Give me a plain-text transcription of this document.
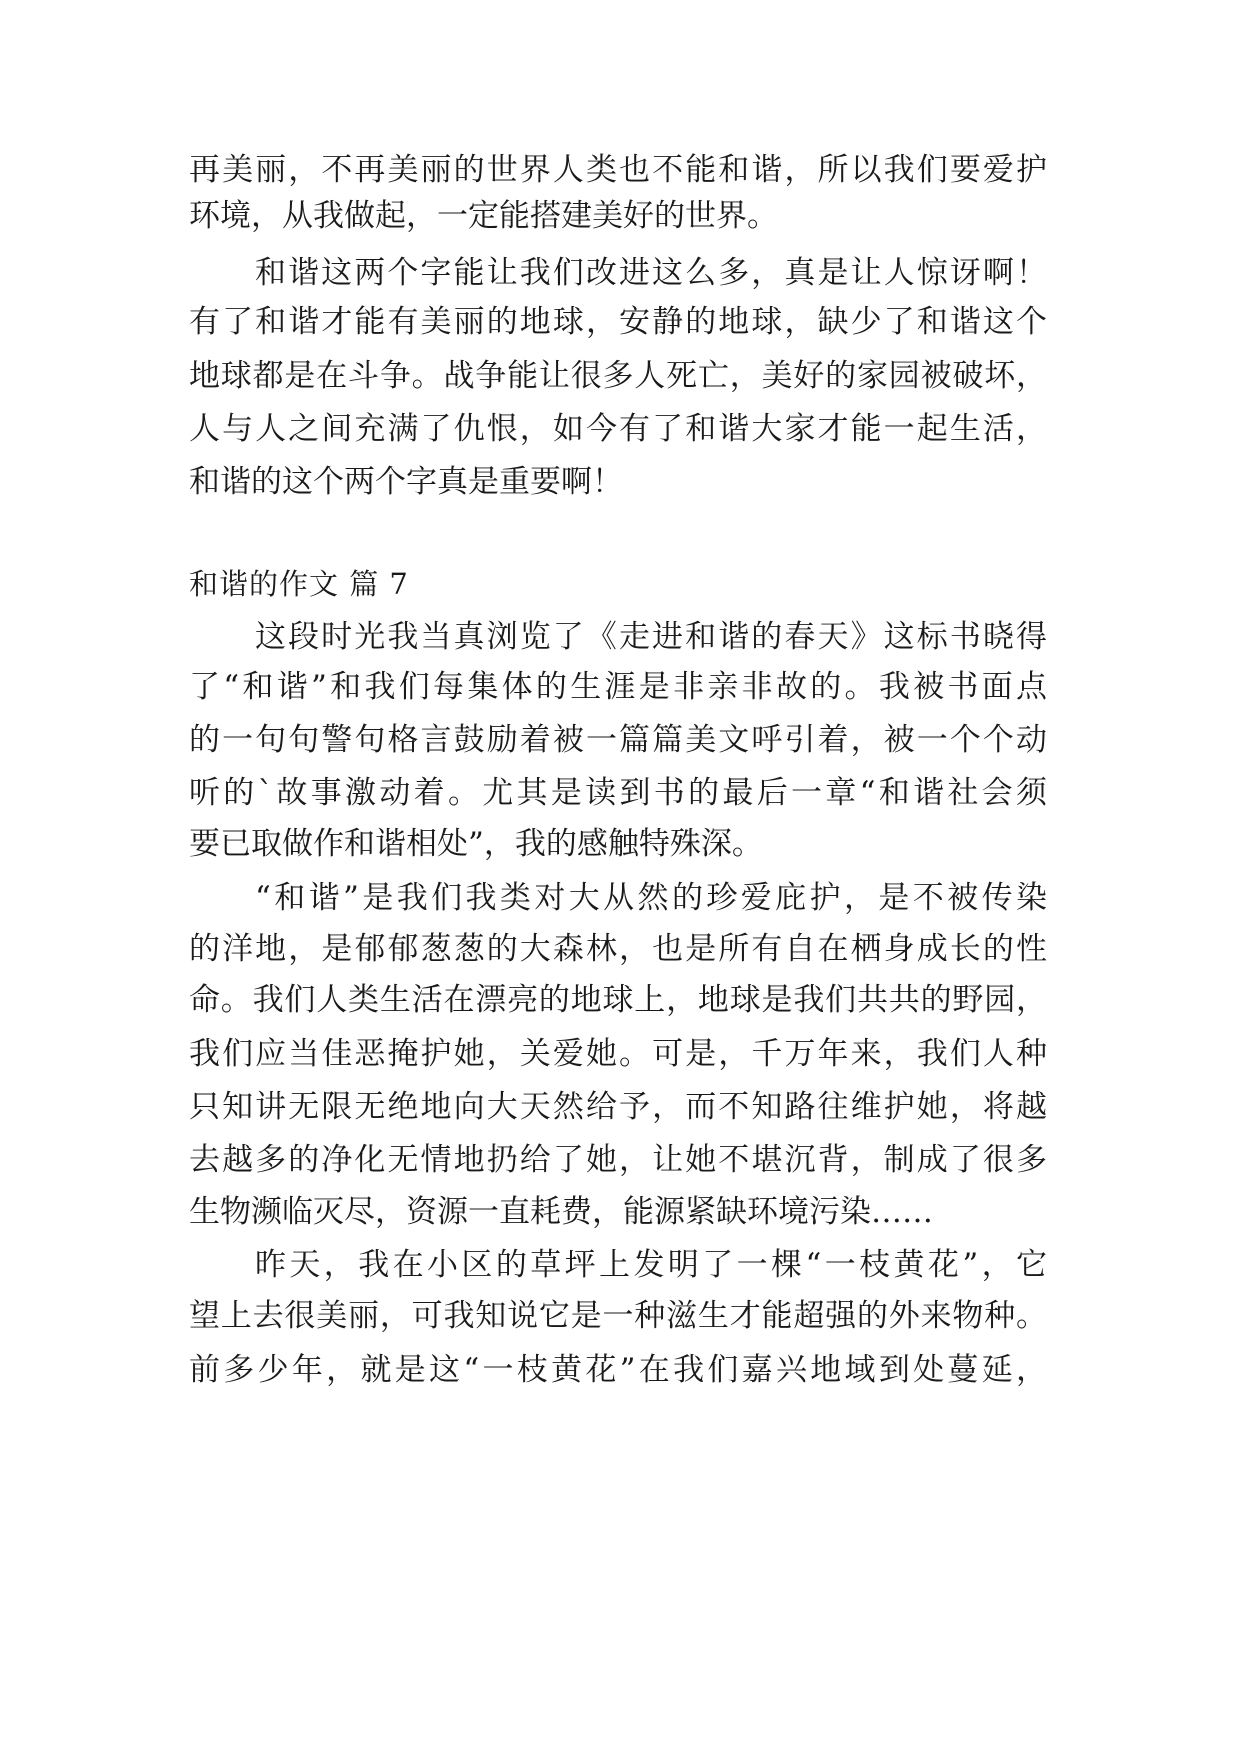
再美丽，不再美丽的世界人类也不能和谐，所以我们要爱护
环境，从我做起，一定能搭建美好的世界。
和谐这两个字能让我们改进这么多，真是让人惊讶啊！
有了和谐才能有美丽的地球，安静的地球，缺少了和谐这个
地球都是在斗争。战争能让很多人死亡，美好的家园被破坏，
人与人之间充满了仇恨，如今有了和谐大家才能一起生活，
和谐的这个两个字真是重要啊！
和谐的作文 篇 7
这段时光我当真浏览了《走进和谐的春天》这标书晓得
了“和谐”和我们每集体的生涯是非亲非故的。我被书面点
的一句句警句格言鼓励着被一篇篇美文呼引着，被一个个动
听的`故事激动着。尤其是读到书的最后一章“和谐社会须
要已取做作和谐相处”，我的感触特殊深。
“和谐”是我们我类对大从然的珍爱庇护，是不被传染
的洋地，是郁郁葱葱的大森林，也是所有自在栖身成长的性
命。我们人类生活在漂亮的地球上，地球是我们共共的野园，
我们应当佳恶掩护她，关爱她。可是，千万年来，我们人种
只知讲无限无绝地向大天然给予，而不知路往维护她，将越
去越多的净化无情地扔给了她，让她不堪沉背，制成了很多
生物濒临灭尽，资源一直耗费，能源紧缺环境污染……
昨天，我在小区的草坪上发明了一棵“一枝黄花”，它
望上去很美丽，可我知说它是一种滋生才能超强的外来物种。
前多少年，就是这“一枝黄花”在我们嘉兴地域到处蔓延，
